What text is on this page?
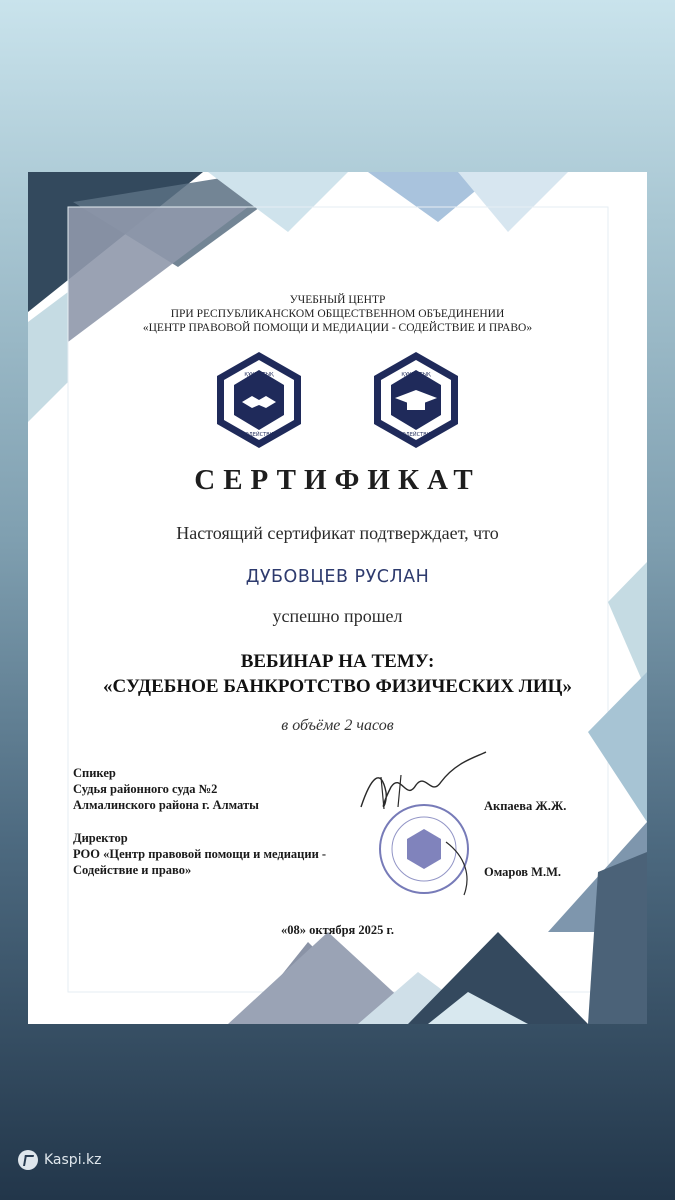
УЧЕБНЫЙ ЦЕНТР
ПРИ РЕСПУБЛИКАНСКОМ ОБЩЕСТВЕННОМ ОБЪЕДИНЕНИИ
«ЦЕНТР ПРАВОВОЙ ПОМОЩИ И МЕДИАЦИИ - СОДЕЙСТВИЕ И ПРАВО»
ҚҰҚЫҚТЫҚ
СОДЕЙСТВИЕ
ҚҰҚЫҚТЫҚ
СОДЕЙСТВИЕ
СЕРТИФИКАТ
Настоящий сертификат подтверждает, что
ДУБОВЦЕВ РУСЛАН
успешно прошел
ВЕБИНАР НА ТЕМУ:
«СУДЕБНОЕ БАНКРОТСТВО ФИЗИЧЕСКИХ ЛИЦ»
в объёме 2 часов
Спикер
Судья районного суда №2
Алмалинского района г. Алматы	Акпаева Ж.Ж.
Директор
РОО «Центр правовой помощи и медиации -
Содействие и право»	Омаров М.М.
«08» октября 2025 г.
Kaspi.kz
